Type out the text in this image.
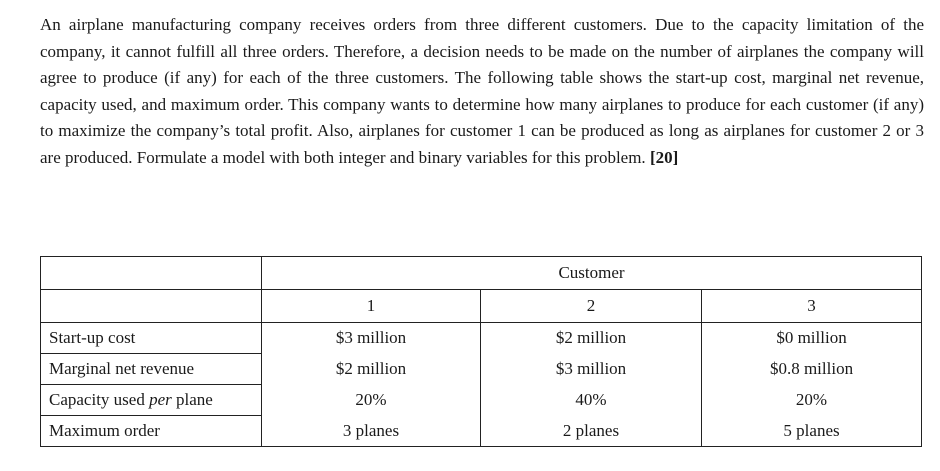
An airplane manufacturing company receives orders from three different customers. Due to the capacity limitation of the company, it cannot fulfill all three orders. Therefore, a decision needs to be made on the number of airplanes the company will agree to produce (if any) for each of the three customers. The following table shows the start-up cost, marginal net revenue, capacity used, and maximum order. This company wants to determine how many airplanes to produce for each customer (if any) to maximize the company’s total profit. Also, airplanes for customer 1 can be produced as long as airplanes for customer 2 or 3 are produced. Formulate a model with both integer and binary variables for this problem. [20]
	Customer		
	1	2	3
Start-up cost	$3 million	$2 million	$0 million
Marginal net revenue	$2 million	$3 million	$0.8 million
Capacity used per plane	20%	40%	20%
Maximum order	3 planes	2 planes	5 planes
